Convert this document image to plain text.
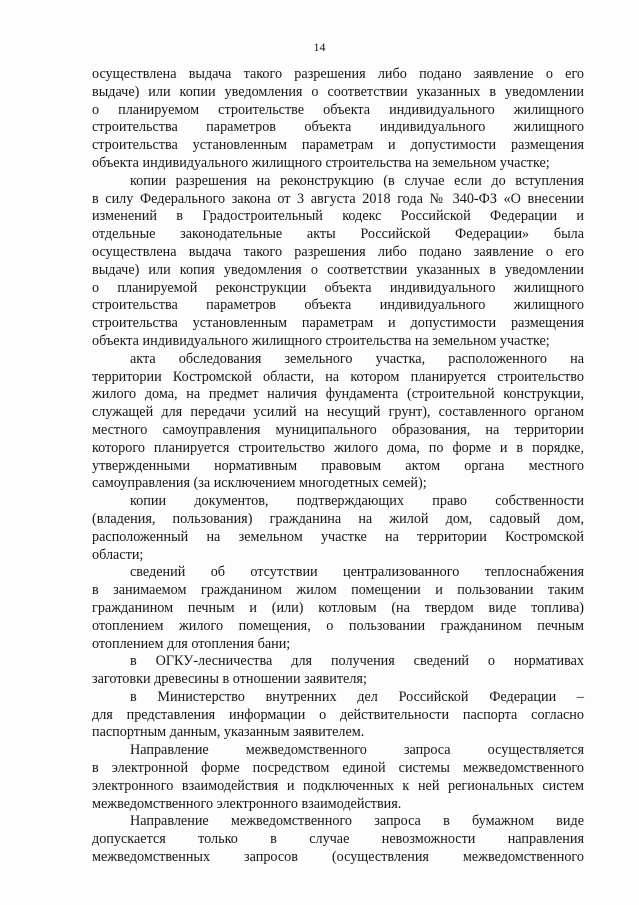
14
осуществлена выдача такого разрешения либо подано заявление о его
выдаче) или копии уведомления о соответствии указанных в уведомлении
о планируемом строительстве объекта индивидуального жилищного
строительства параметров объекта индивидуального жилищного
строительства установленным параметрам и допустимости размещения
объекта индивидуального жилищного строительства на земельном участке;
копии разрешения на реконструкцию (в случае если до вступления
в силу Федерального закона от 3 августа 2018 года № 340-ФЗ «О внесении
изменений в Градостроительный кодекс Российской Федерации и
отдельные законодательные акты Российской Федерации» была
осуществлена выдача такого разрешения либо подано заявление о его
выдаче) или копия уведомления о соответствии указанных в уведомлении
о планируемой реконструкции объекта индивидуального жилищного
строительства параметров объекта индивидуального жилищного
строительства установленным параметрам и допустимости размещения
объекта индивидуального жилищного строительства на земельном участке;
акта обследования земельного участка, расположенного на
территории Костромской области, на котором планируется строительство
жилого дома, на предмет наличия фундамента (строительной конструкции,
служащей для передачи усилий на несущий грунт), составленного органом
местного самоуправления муниципального образования, на территории
которого планируется строительство жилого дома, по форме и в порядке,
утвержденными нормативным правовым актом органа местного
самоуправления (за исключением многодетных семей);
копии документов, подтверждающих право собственности
(владения, пользования) гражданина на жилой дом, садовый дом,
расположенный на земельном участке на территории Костромской
области;
сведений об отсутствии централизованного теплоснабжения
в занимаемом гражданином жилом помещении и пользовании таким
гражданином печным и (или) котловым (на твердом виде топлива)
отоплением жилого помещения, о пользовании гражданином печным
отоплением для отопления бани;
в ОГКУ-лесничества для получения сведений о нормативах
заготовки древесины в отношении заявителя;
в Министерство внутренних дел Российской Федерации –
для представления информации о действительности паспорта согласно
паспортным данным, указанным заявителем.
Направление межведомственного запроса осуществляется
в электронной форме посредством единой системы межведомственного
электронного взаимодействия и подключенных к ней региональных систем
межведомственного электронного взаимодействия.
Направление межведомственного запроса в бумажном виде
допускается только в случае невозможности направления
межведомственных запросов (осуществления межведомственного
